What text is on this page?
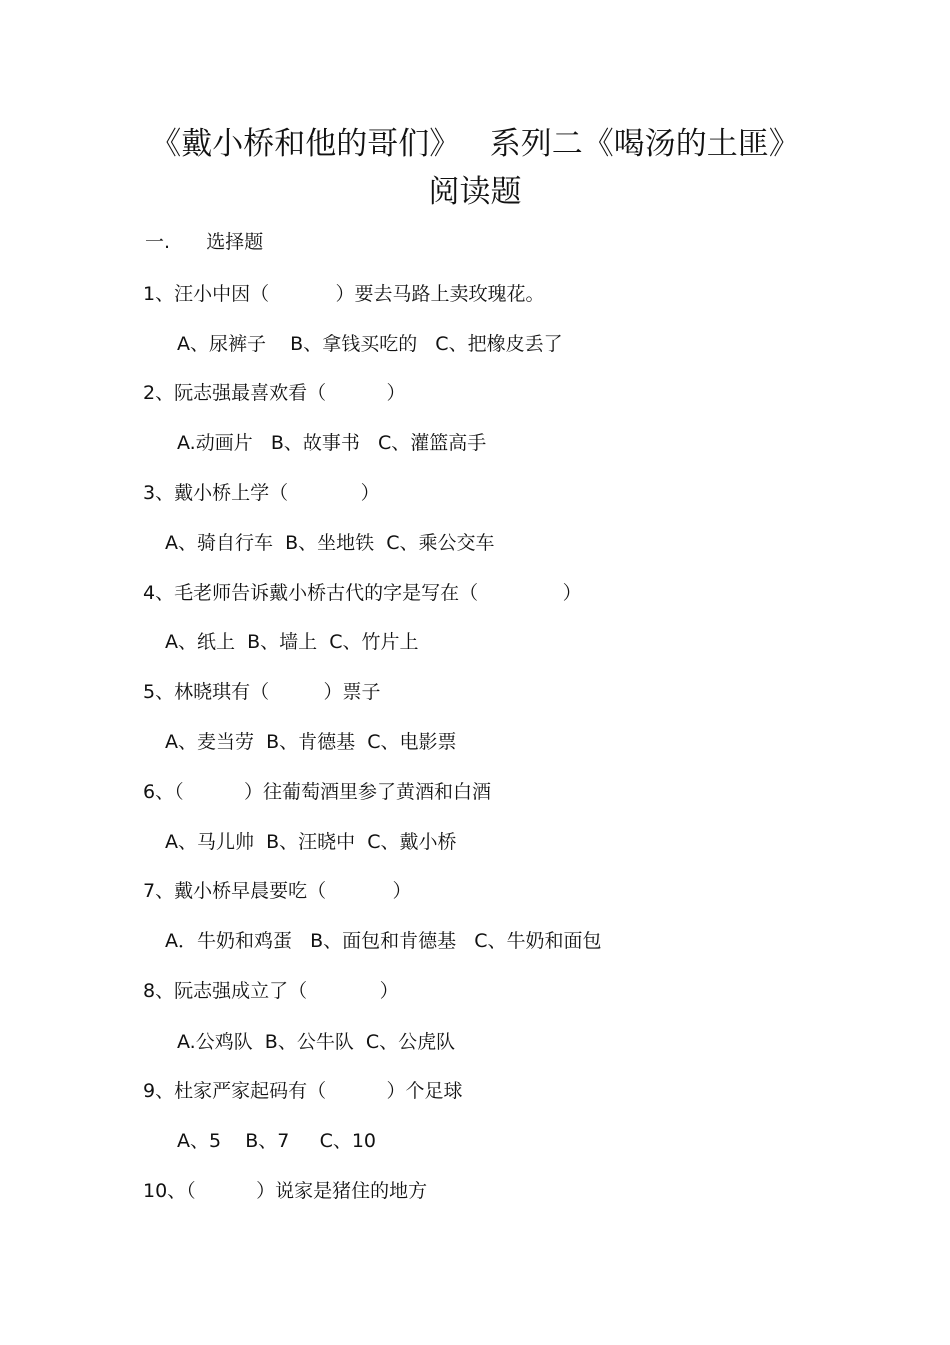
《戴小桥和他的哥们》   系列二《喝汤的土匪》
阅读题
一.      选择题
1、汪小中因（           ）要去马路上卖玫瑰花。
A、尿裤子    B、拿钱买吃的   C、把橡皮丢了
2、阮志强最喜欢看（          ）
A.动画片   B、故事书   C、灌篮高手
3、戴小桥上学（            ）
A、骑自行车  B、坐地铁  C、乘公交车
4、毛老师告诉戴小桥古代的字是写在（              ）
A、纸上  B、墙上  C、竹片上
5、林晓琪有（         ）票子
A、麦当劳  B、肯德基  C、电影票
6、（          ）往葡萄酒里参了黄酒和白酒
A、马儿帅  B、汪晓中  C、戴小桥
7、戴小桥早晨要吃（           ）
A．牛奶和鸡蛋   B、面包和肯德基   C、牛奶和面包
8、阮志强成立了（            ）
A.公鸡队  B、公牛队  C、公虎队
9、杜家严家起码有（          ）个足球
A、5    B、7     C、10
10、（          ）说家是猪住的地方
